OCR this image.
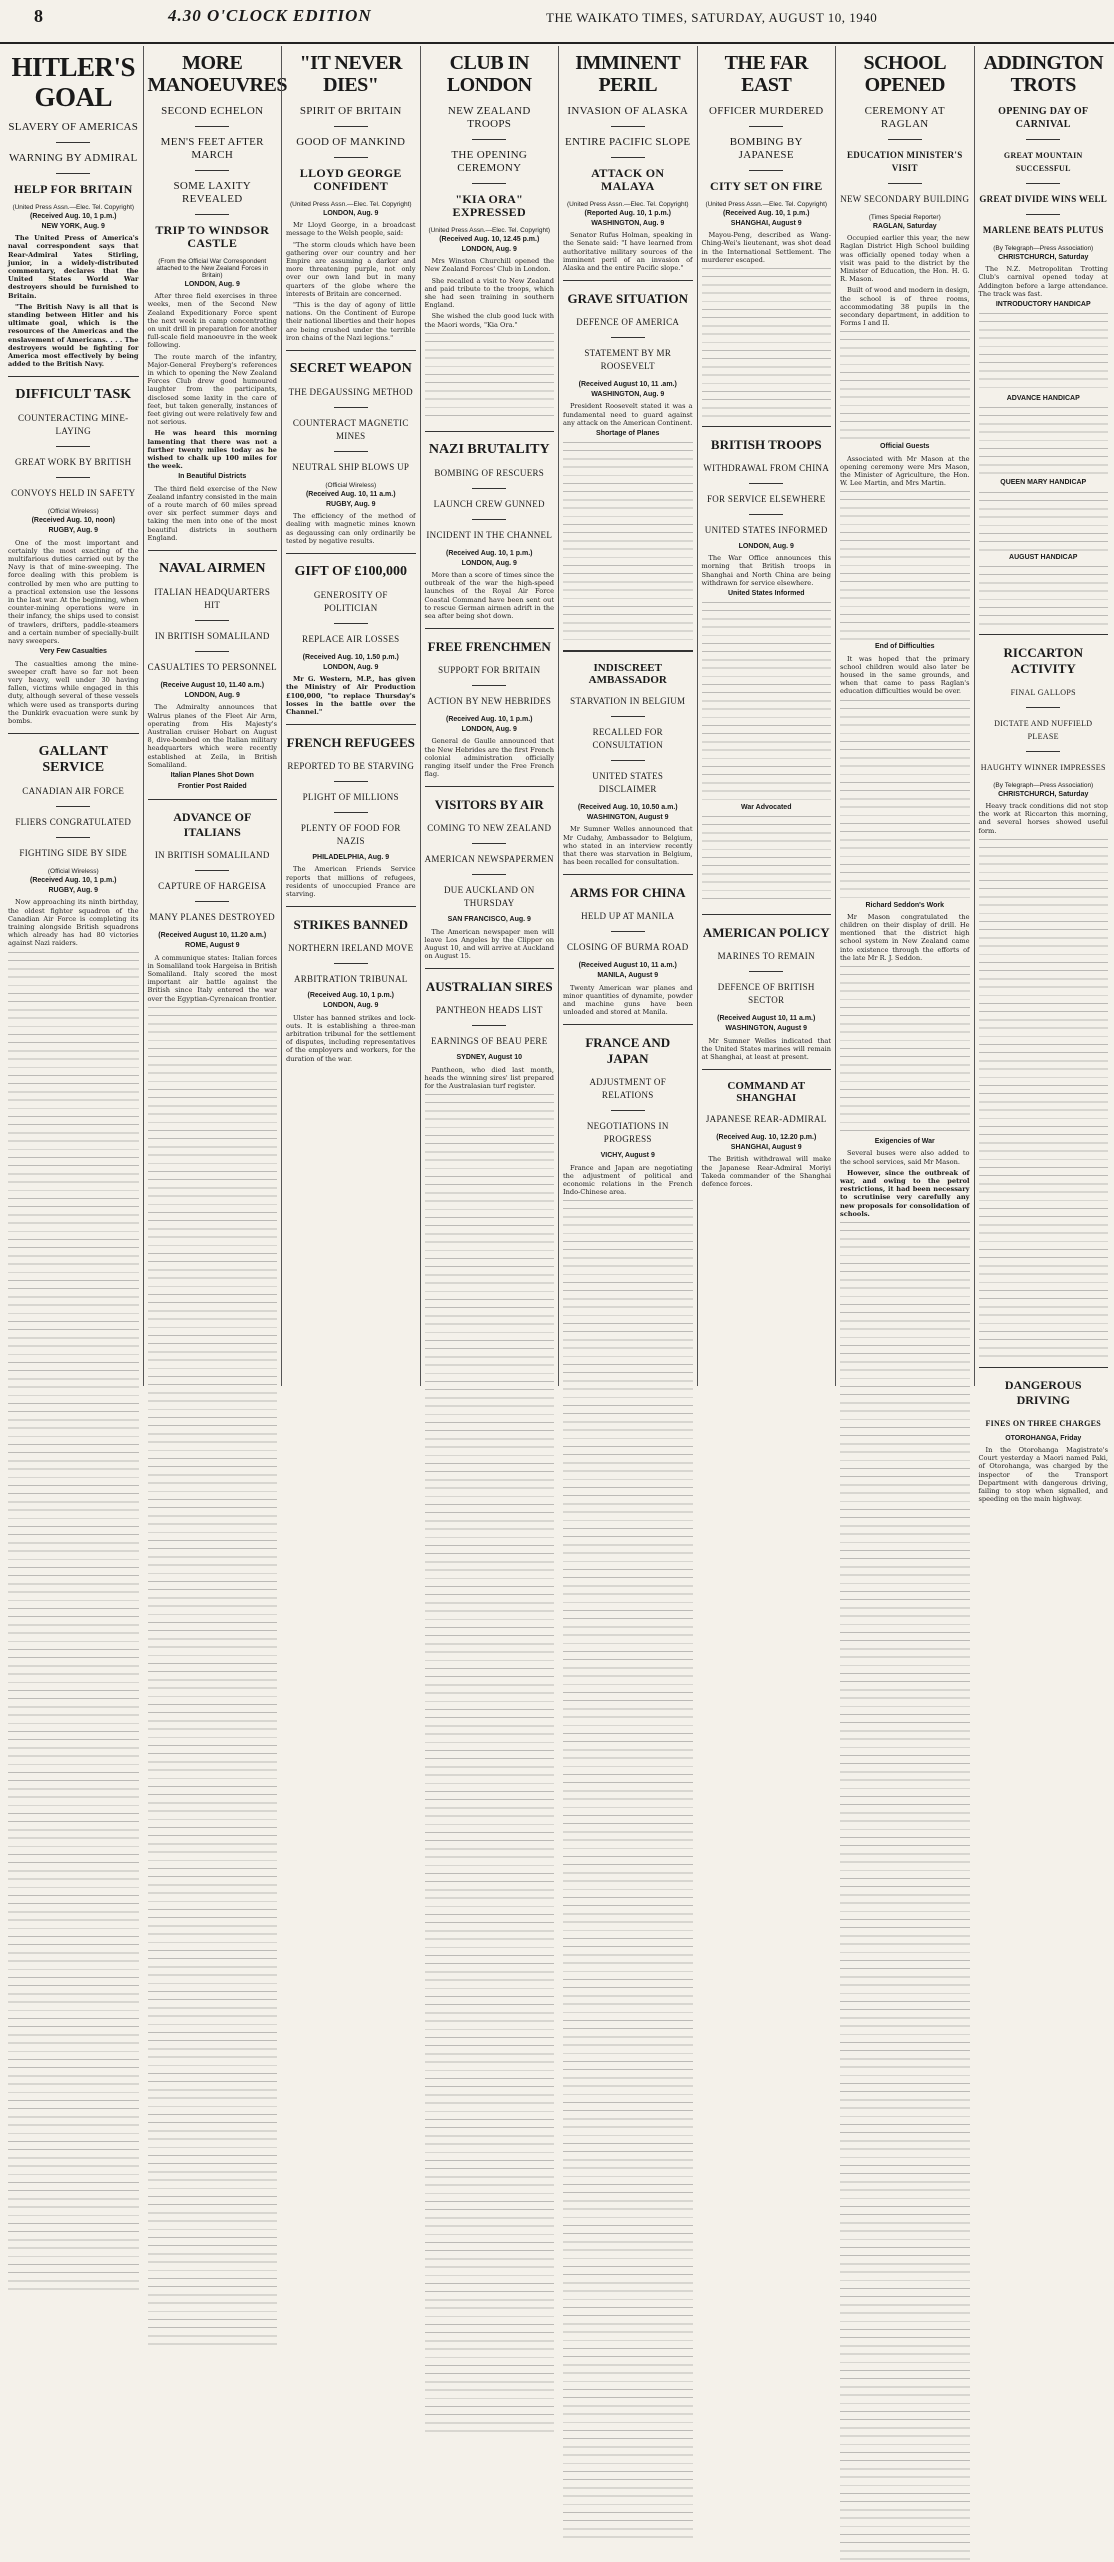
8	4.30 O'CLOCK EDITION	THE WAIKATO TIMES, SATURDAY, AUGUST 10, 1940
HITLER'S GOAL
SLAVERY OF AMERICAS
WARNING BY ADMIRAL
HELP FOR BRITAIN
(United Press Assn.—Elec. Tel. Copyright)
(Received Aug. 10, 1 p.m.)
NEW YORK, Aug. 9

The United Press of America's naval correspondent says that Rear-Admiral Yates Stirling, junior, in a widely-distributed commentary, declares that the United States World War destroyers should be furnished to Britain.

"The British Navy is all that is standing between Hitler and his ultimate goal, which is the resources of the Americas and the enslavement of Americans. . . . The destroyers would be fighting for America most effectively by being added to the British Navy.

DIFFICULT TASK
COUNTERACTING MINE-LAYING
GREAT WORK BY BRITISH
CONVOYS HELD IN SAFETY
(Official Wireless)
(Received Aug. 10, noon)
RUGBY, Aug. 9

One of the most important and certainly the most exacting of the multifarious duties carried out by the Navy is that of mine-sweeping. The force dealing with this problem is controlled by men who are putting to a practical extension use the lessons in the last war. At the beginning, when counter-mining operations were in their infancy, the ships used to consist of trawlers, drifters, paddle-steamers and a certain number of specially-built navy sweepers.

Very Few Casualties

The casualties among the mine-sweeper craft have so far not been very heavy, well under 30 having fallen, victims while engaged in this duty, although several of these vessels which were used as transports during the Dunkirk evacuation were sunk by bombs.

GALLANT SERVICE
CANADIAN AIR FORCE
FLIERS CONGRATULATED
FIGHTING SIDE BY SIDE
(Official Wireless)
(Received Aug. 10, 1 p.m.)
RUGBY, Aug. 9

Now approaching its ninth birthday, the oldest fighter squadron of the Canadian Air Force is completing its training alongside British squadrons which already has had 80 victories against Nazi raiders.

MORE MANOEUVRES
SECOND ECHELON
MEN'S FEET AFTER MARCH
SOME LAXITY REVEALED
TRIP TO WINDSOR CASTLE
(From the Official War Correspondent attached to the New Zealand Forces in Britain)
LONDON, Aug. 9

After three field exercises in three weeks, men of the Second New Zealand Expeditionary Force spent the next week in camp concentrating on unit drill in preparation for another full-scale field manoeuvre in the week following.

The route march of the infantry, Major-General Freyberg's references in which to opening the New Zealand Forces Club drew good humoured laughter from the participants, disclosed some laxity in the care of feet, but taken generally, instances of feet giving out were relatively few and not serious.

He was heard this morning lamenting that there was not a further twenty miles today as he wished to chalk up 100 miles for the week.

In Beautiful Districts

The third field exercise of the New Zealand infantry consisted in the main of a route march of 60 miles spread over six perfect summer days and taking the men into one of the most beautiful districts in southern England.

NAVAL AIRMEN
ITALIAN HEADQUARTERS HIT
IN BRITISH SOMALILAND
CASUALTIES TO PERSONNEL
(Receive August 10, 11.40 a.m.)
LONDON, Aug. 9

The Admiralty announces that Walrus planes of the Fleet Air Arm, operating from His Majesty's Australian cruiser Hobart on August 8, dive-bombed on the Italian military headquarters which were recently established at Zeila, in British Somaliland.

Italian Planes Shot Down
Frontier Post Raided
ADVANCE OF ITALIANS
IN BRITISH SOMALILAND
CAPTURE OF HARGEISA
MANY PLANES DESTROYED
(Received August 10, 11.20 a.m.)
ROME, August 9

A communique states: Italian forces in Somaliland took Hargeisa in British Somaliland. Italy scored the most important air battle against the British since Italy entered the war over the Egyptian-Cyrenaican frontier.

"IT NEVER DIES"
SPIRIT OF BRITAIN
GOOD OF MANKIND
LLOYD GEORGE CONFIDENT
(United Press Assn.—Elec. Tel. Copyright)
LONDON, Aug. 9

Mr Lloyd George, in a broadcast message to the Welsh people, said:

"The storm clouds which have been gathering over our country and her Empire are assuming a darker and more threatening purple, not only over our own land but in many quarters of the globe where the interests of Britain are concerned.

"This is the day of agony of little nations. On the Continent of Europe their national liberties and their hopes are being crushed under the terrible iron chains of the Nazi legions."

SECRET WEAPON
THE DEGAUSSING METHOD
COUNTERACT MAGNETIC MINES
NEUTRAL SHIP BLOWS UP
(Official Wireless)
(Received Aug. 10, 11 a.m.)
RUGBY, Aug. 9

The efficiency of the method of dealing with magnetic mines known as degaussing can only ordinarily be tested by negative results.

GIFT OF £100,000
GENEROSITY OF POLITICIAN
REPLACE AIR LOSSES
(Received Aug. 10, 1.50 p.m.)
LONDON, Aug. 9

Mr G. Western, M.P., has given the Ministry of Air Production £100,000, "to replace Thursday's losses in the battle over the Channel."

FRENCH REFUGEES
REPORTED TO BE STARVING
PLIGHT OF MILLIONS
PLENTY OF FOOD FOR NAZIS
PHILADELPHIA, Aug. 9

The American Friends Service reports that millions of refugees, residents of unoccupied France are starving.

STRIKES BANNED
NORTHERN IRELAND MOVE
ARBITRATION TRIBUNAL
(Received Aug. 10, 1 p.m.)
LONDON, Aug. 9

Ulster has banned strikes and lock-outs. It is establishing a three-man arbitration tribunal for the settlement of disputes, including representatives of the employers and workers, for the duration of the war.

CLUB IN LONDON
NEW ZEALAND TROOPS
THE OPENING CEREMONY
"KIA ORA" EXPRESSED
(United Press Assn.—Elec. Tel. Copyright)
(Received Aug. 10, 12.45 p.m.)
LONDON, Aug. 9

Mrs Winston Churchill opened the New Zealand Forces' Club in London.

She recalled a visit to New Zealand and paid tribute to the troops, which she had seen training in southern England.

She wished the club good luck with the Maori words, "Kia Ora."

NAZI BRUTALITY
BOMBING OF RESCUERS
LAUNCH CREW GUNNED
INCIDENT IN THE CHANNEL
(Received Aug. 10, 1 p.m.)
LONDON, Aug. 9

More than a score of times since the outbreak of the war the high-speed launches of the Royal Air Force Coastal Command have been sent out to rescue German airmen adrift in the sea after being shot down.

FREE FRENCHMEN
SUPPORT FOR BRITAIN
ACTION BY NEW HEBRIDES
(Received Aug. 10, 1 p.m.)
LONDON, Aug. 9

General de Gaulle announced that the New Hebrides are the first French colonial administration officially ranging itself under the Free French flag.

VISITORS BY AIR
COMING TO NEW ZEALAND
AMERICAN NEWSPAPERMEN
DUE AUCKLAND ON THURSDAY
SAN FRANCISCO, Aug. 9

The American newspaper men will leave Los Angeles by the Clipper on August 10, and will arrive at Auckland on August 15.

AUSTRALIAN SIRES
PANTHEON HEADS LIST
EARNINGS OF BEAU PERE
SYDNEY, August 10

Pantheon, who died last month, heads the winning sires' list prepared for the Australasian turf register.

IMMINENT PERIL
INVASION OF ALASKA
ENTIRE PACIFIC SLOPE
ATTACK ON MALAYA
(United Press Assn.—Elec. Tel. Copyright)
(Reported Aug. 10, 1 p.m.)
WASHINGTON, Aug. 9

Senator Rufus Holman, speaking in the Senate said: "I have learned from authoritative military sources of the imminent peril of an invasion of Alaska and the entire Pacific slope."

GRAVE SITUATION
DEFENCE OF AMERICA
STATEMENT BY MR ROOSEVELT
(Received August 10, 11 .am.)
WASHINGTON, Aug. 9

President Roosevelt stated it was a fundamental need to guard against any attack on the American Continent.

Shortage of Planes
INDISCREET AMBASSADOR
STARVATION IN BELGIUM
RECALLED FOR CONSULTATION
UNITED STATES DISCLAIMER
(Received Aug. 10, 10.50 a.m.)
WASHINGTON, August 9

Mr Sumner Welles announced that Mr Cudahy, Ambassador to Belgium, who stated in an interview recently that there was starvation in Belgium, has been recalled for consultation.

ARMS FOR CHINA
HELD UP AT MANILA
CLOSING OF BURMA ROAD
(Received August 10, 11 a.m.)
MANILA, August 9

Twenty American war planes and minor quantities of dynamite, powder and machine guns have been unloaded and stored at Manila.

FRANCE AND JAPAN
ADJUSTMENT OF RELATIONS
NEGOTIATIONS IN PROGRESS
VICHY, August 9

France and Japan are negotiating the adjustment of political and economic relations in the French Indo-Chinese area.

THE FAR EAST
OFFICER MURDERED
BOMBING BY JAPANESE
CITY SET ON FIRE
(United Press Assn.—Elec. Tel. Copyright)
(Received Aug. 10, 1 p.m.)
SHANGHAI, August 9

Mayou-Peng, described as Wang-Ching-Wei's lieutenant, was shot dead in the International Settlement. The murderer escaped.

BRITISH TROOPS
WITHDRAWAL FROM CHINA
FOR SERVICE ELSEWHERE
UNITED STATES INFORMED
LONDON, Aug. 9

The War Office announces this morning that British troops in Shanghai and North China are being withdrawn for service elsewhere.

United States Informed
War Advocated
AMERICAN POLICY
MARINES TO REMAIN
DEFENCE OF BRITISH SECTOR
(Received August 10, 11 a.m.)
WASHINGTON, August 9

Mr Sumner Welles indicated that the United States marines will remain at Shanghai, at least at present.

COMMAND AT SHANGHAI
JAPANESE REAR-ADMIRAL
(Received Aug. 10, 12.20 p.m.)
SHANGHAI, August 9

The British withdrawal will make the Japanese Rear-Admiral Moriyi Takeda commander of the Shanghai defence forces.

SCHOOL OPENED
CEREMONY AT RAGLAN
EDUCATION MINISTER'S VISIT
NEW SECONDARY BUILDING
(Times Special Reporter)
RAGLAN, Saturday

Occupied earlier this year, the new Raglan District High School building was officially opened today when a visit was paid to the district by the Minister of Education, the Hon. H. G. R. Mason.

Built of wood and modern in design, the school is of three rooms, accommodating 38 pupils in the secondary department, in addition to Forms I and II.

Official Guests

Associated with Mr Mason at the opening ceremony were Mrs Mason, the Minister of Agriculture, the Hon. W. Lee Martin, and Mrs Martin.

End of Difficulties

It was hoped that the primary school children would also later be housed in the same grounds, and when that came to pass Raglan's education difficulties would be over.

Richard Seddon's Work

Mr Mason congratulated the children on their display of drill. He mentioned that the district high school system in New Zealand came into existence through the efforts of the late Mr R. J. Seddon.

Exigencies of War

Several buses were also added to the school services, said Mr Mason.

However, since the outbreak of war, and owing to the petrol restrictions, it had been necessary to scrutinise very carefully any new proposals for consolidation of schools.

ADDINGTON TROTS
OPENING DAY OF CARNIVAL
GREAT MOUNTAIN SUCCESSFUL
GREAT DIVIDE WINS WELL
MARLENE BEATS PLUTUS
(By Telegraph—Press Association)
CHRISTCHURCH, Saturday

The N.Z. Metropolitan Trotting Club's carnival opened today at Addington before a large attendance. The track was fast.

INTRODUCTORY HANDICAP
ADVANCE HANDICAP
QUEEN MARY HANDICAP
AUGUST HANDICAP
RICCARTON ACTIVITY
FINAL GALLOPS
DICTATE AND NUFFIELD PLEASE
HAUGHTY WINNER IMPRESSES
(By Telegraph—Press Association)
CHRISTCHURCH, Saturday

Heavy track conditions did not stop the work at Riccarton this morning, and several horses showed useful form.

DANGEROUS DRIVING
FINES ON THREE CHARGES
OTOROHANGA, Friday

In the Otorohanga Magistrate's Court yesterday a Maori named Paki, of Otorohanga, was charged by the inspector of the Transport Department with dangerous driving, failing to stop when signalled, and speeding on the main highway.
